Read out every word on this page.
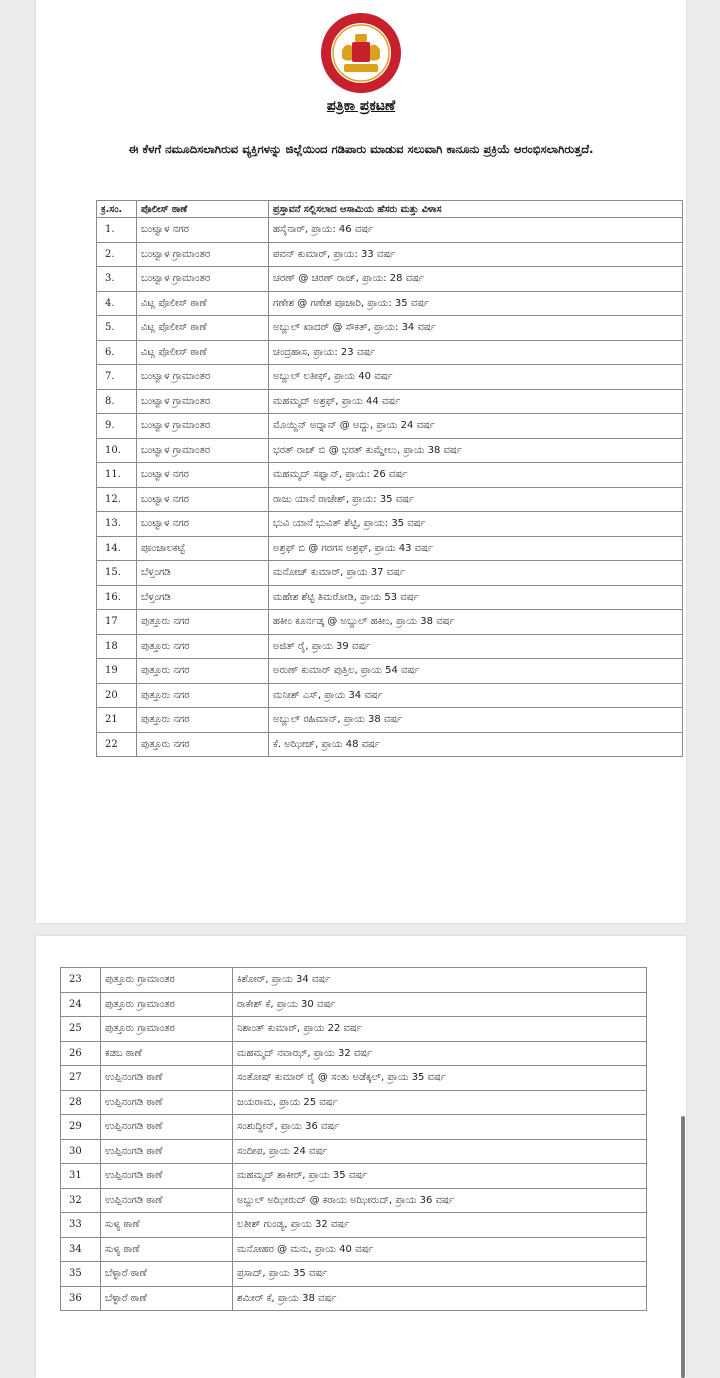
ಪತ್ರಿಕಾ ಪ್ರಕಟಣೆ
ಈ ಕೆಳಗೆ ನಮೂದಿಸಲಾಗಿರುವ ವ್ಯಕ್ತಿಗಳನ್ನು ಜಿಲ್ಲೆಯಿಂದ ಗಡಿಪಾರು ಮಾಡುವ ಸಲುವಾಗಿ ಕಾನೂನು ಪ್ರಕ್ರಿಯೆ ಆರಂಭಿಸಲಾಗಿರುತ್ತದೆ.
ಕ್ರ.ಸಂ.	ಪೊಲೀಸ್ ಠಾಣೆ	ಪ್ರಸ್ತಾವನೆ ಸಲ್ಲಿಸಲಾದ ಆಸಾಮಿಯ ಹೆಸರು ಮತ್ತು ವಿಳಾಸ
1.	ಬಂಟ್ವಾಳ ನಗರ	ಹಸೈನಾರ್, ಪ್ರಾಯ: 46 ವರ್ಷ
2.	ಬಂಟ್ವಾಳ ಗ್ರಾಮಾಂತರ	ಪವನ್ ಕುಮಾರ್, ಪ್ರಾಯ: 33 ವರ್ಷ
3.	ಬಂಟ್ವಾಳ ಗ್ರಾಮಾಂತರ	ಚರಣ್ @ ಚರಣ್ ರಾಜ್, ಪ್ರಾಯ: 28 ವರ್ಷ
4.	ವಿಟ್ಲ ಪೊಲೀಸ್ ಠಾಣೆ	ಗಣೇಶ @ ಗಣೇಶ ಪೂಜಾರಿ, ಪ್ರಾಯ: 35 ವರ್ಷ
5.	ವಿಟ್ಲ ಪೊಲೀಸ್ ಠಾಣೆ	ಅಬ್ದುಲ್ ಖಾದರ್ @ ಸೌಕತ್, ಪ್ರಾಯ: 34 ವರ್ಷ
6.	ವಿಟ್ಲ ಪೊಲೀಸ್ ಠಾಣೆ	ಚಂದ್ರಹಾಸ, ಪ್ರಾಯ: 23 ವರ್ಷ
7.	ಬಂಟ್ವಾಳ ಗ್ರಾಮಾಂತರ	ಅಬ್ದುಲ್ ಲತೀಫ್, ಪ್ರಾಯ 40 ವರ್ಷ
8.	ಬಂಟ್ವಾಳ ಗ್ರಾಮಾಂತರ	ಮಹಮ್ಮದ್ ಅಶ್ರಫ್, ಪ್ರಾಯ 44 ವರ್ಷ
9.	ಬಂಟ್ವಾಳ ಗ್ರಾಮಾಂತರ	ಮೊಯ್ದಿನ್ ಅದ್ನಾನ್ @ ಅದ್ದು, ಪ್ರಾಯ 24 ವರ್ಷ
10.	ಬಂಟ್ವಾಳ ಗ್ರಾಮಾಂತರ	ಭರತ್ ರಾಜ್ ಬಿ @ ಭರತ್ ಕುಮ್ಡೇಲು, ಪ್ರಾಯ 38 ವರ್ಷ
11.	ಬಂಟ್ವಾಳ ನಗರ	ಮಹಮ್ಮದ್ ಸಫ್ವಾನ್, ಪ್ರಾಯ: 26 ವರ್ಷ
12.	ಬಂಟ್ವಾಳ ನಗರ	ರಾಜು ಯಾನೆ ರಾಜೇಶ್, ಪ್ರಾಯ: 35 ವರ್ಷ
13.	ಬಂಟ್ವಾಳ ನಗರ	ಭುವಿ ಯಾನೆ ಭುವಿತ್ ಶೆಟ್ಟಿ, ಪ್ರಾಯ: 35 ವರ್ಷ
14.	ಪೂಂಜಾಲಕಟ್ಟೆ	ಅಶ್ರಫ್ ಬಿ @ ಗರಗಸ ಅಶ್ರಫ್, ಪ್ರಾಯ 43 ವರ್ಷ
15.	ಬೆಳ್ತಂಗಡಿ	ಮನೋಜ್ ಕುಮಾರ್, ಪ್ರಾಯ 37 ವರ್ಷ
16.	ಬೆಳ್ತಂಗಡಿ	ಮಹೇಶ ಶೆಟ್ಟಿ ತಿಮರೋಡಿ, ಪ್ರಾಯ 53 ವರ್ಷ
17	ಪುತ್ತೂರು ನಗರ	ಹಕೀಂ ಕೂರ್ನಡ್ಕ @ ಅಬ್ದುಲ್ ಹಕೀಂ, ಪ್ರಾಯ 38 ವರ್ಷ
18	ಪುತ್ತೂರು ನಗರ	ಅಜಿತ್ ರೈ, ಪ್ರಾಯ 39 ವರ್ಷ
19	ಪುತ್ತೂರು ನಗರ	ಅರುಣ್ ಕುಮಾರ್ ಪುತ್ತಿಲ, ಪ್ರಾಯ 54 ವರ್ಷ
20	ಪುತ್ತೂರು ನಗರ	ಮನೀಶ್ ಎಸ್, ಪ್ರಾಯ 34 ವರ್ಷ
21	ಪುತ್ತೂರು ನಗರ	ಅಬ್ದುಲ್ ರಹಿಮಾನ್, ಪ್ರಾಯ 38 ವರ್ಷ
22	ಪುತ್ತೂರು ನಗರ	ಕೆ. ಅಝೀಜ್, ಪ್ರಾಯ 48 ವರ್ಷ
23	ಪುತ್ತೂರು ಗ್ರಾಮಾಂತರ	ಕಿಶೋರ್, ಪ್ರಾಯ 34 ವರ್ಷ
24	ಪುತ್ತೂರು ಗ್ರಾಮಾಂತರ	ರಾಕೇಶ್ ಕೆ, ಪ್ರಾಯ 30 ವರ್ಷ
25	ಪುತ್ತೂರು ಗ್ರಾಮಾಂತರ	ನಿಶಾಂತ್ ಕುಮಾರ್, ಪ್ರಾಯ 22 ವರ್ಷ
26	ಕಡಬ ಠಾಣೆ	ಮಹಮ್ಮದ್ ನವಾಝ್, ಪ್ರಾಯ 32 ವರ್ಷ
27	ಉಪ್ಪಿನಂಗಡಿ ಠಾಣೆ	ಸಂತೋಷ್ ಕುಮಾರ್ ರೈ @ ಸಂತು ಅಡೆಕ್ಕಲ್, ಪ್ರಾಯ 35 ವರ್ಷ
28	ಉಪ್ಪಿನಂಗಡಿ ಠಾಣೆ	ಜಯರಾಮ, ಪ್ರಾಯ 25 ವರ್ಷ
29	ಉಪ್ಪಿನಂಗಡಿ ಠಾಣೆ	ಸಂಶುದ್ದೀನ್, ಪ್ರಾಯ 36 ವರ್ಷ
30	ಉಪ್ಪಿನಂಗಡಿ ಠಾಣೆ	ಸಂದೀಪ, ಪ್ರಾಯ 24 ವರ್ಷ
31	ಉಪ್ಪಿನಂಗಡಿ ಠಾಣೆ	ಮಹಮ್ಮದ್ ಶಾಕೀರ್, ಪ್ರಾಯ 35 ವರ್ಷ
32	ಉಪ್ಪಿನಂಗಡಿ ಠಾಣೆ	ಅಬ್ದುಲ್ ಅಝೀರುದ್ @ ಕರಾಯ ಅಝೀರುದ್, ಪ್ರಾಯ 36 ವರ್ಷ
33	ಸುಳ್ಯ ಠಾಣೆ	ಲತೀಶ್ ಗುಂಡ್ಯ, ಪ್ರಾಯ 32 ವರ್ಷ
34	ಸುಳ್ಯ ಠಾಣೆ	ಮನೋಹರ @ ಮನು, ಪ್ರಾಯ 40 ವರ್ಷ
35	ಬೆಳ್ಳಾರೆ ಠಾಣೆ	ಪ್ರಸಾದ್, ಪ್ರಾಯ 35 ವರ್ಷ
36	ಬೆಳ್ಳಾರೆ ಠಾಣೆ	ಶಮೀರ್ ಕೆ, ಪ್ರಾಯ 38 ವರ್ಷ
